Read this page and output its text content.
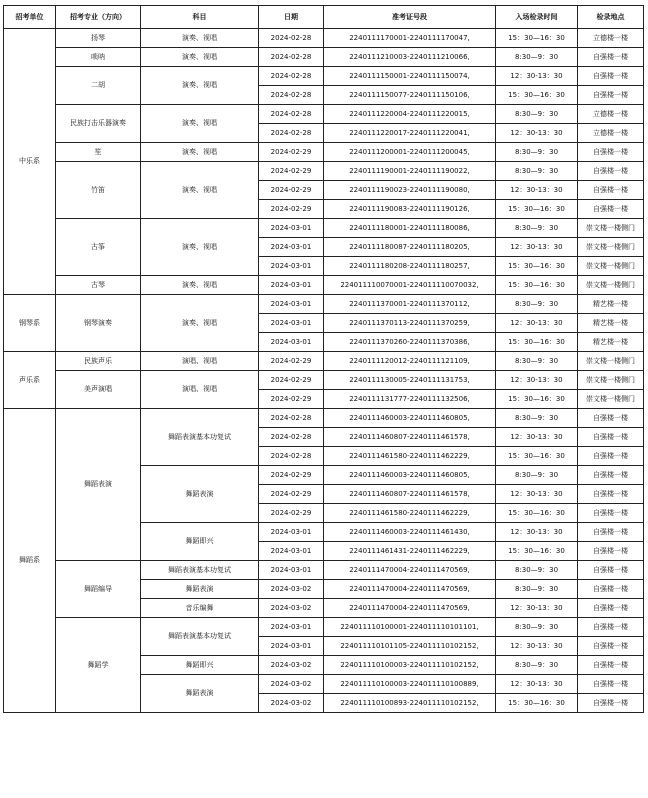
招考单位	招考专业（方向）	科目	日期	准考证号段	入场检录时间	检录地点
中乐系	扬琴	演奏、视唱	2024-02-28	2240111170001-2240111170047,	15：30—16：30	立德楼一楼
	唢呐	演奏、视唱	2024-02-28	2240111210003-2240111210066,	8:30—9：30	自强楼一楼
	二胡	演奏、视唱	2024-02-28	2240111150001-2240111150074,	12：30-13：30	自强楼一楼
			2024-02-28	2240111150077-2240111150106,	15：30—16：30	自强楼一楼
	民族打击乐器演奏	演奏、视唱	2024-02-28	2240111220004-2240111220015,	8:30—9：30	立德楼一楼
			2024-02-28	2240111220017-2240111220041,	12：30-13：30	立德楼一楼
	笙	演奏、视唱	2024-02-29	2240111200001-2240111200045,	8:30—9：30	自强楼一楼
	竹笛	演奏、视唱	2024-02-29	2240111190001-2240111190022,	8:30—9：30	自强楼一楼
			2024-02-29	2240111190023-2240111190080,	12：30-13：30	自强楼一楼
			2024-02-29	2240111190083-2240111190126,	15：30—16：30	自强楼一楼
	古筝	演奏、视唱	2024-03-01	2240111180001-2240111180086,	8:30—9：30	崇文楼一楼侧门
			2024-03-01	2240111180087-2240111180205,	12：30-13：30	崇文楼一楼侧门
			2024-03-01	2240111180208-2240111180257,	15：30—16：30	崇文楼一楼侧门
	古琴	演奏、视唱	2024-03-01	224011110070001-224011110070032,	15：30—16：30	崇文楼一楼侧门
钢琴系	钢琴演奏	演奏、视唱	2024-03-01	2240111370001-2240111370112,	8:30—9：30	精艺楼一楼
			2024-03-01	2240111370113-2240111370259,	12：30-13：30	精艺楼一楼
			2024-03-01	2240111370260-2240111370386,	15：30—16：30	精艺楼一楼
声乐系	民族声乐	演唱、视唱	2024-02-29	2240111120012-2240111121109,	8:30—9：30	崇文楼一楼侧门
	美声演唱	演唱、视唱	2024-02-29	2240111130005-2240111131753,	12：30-13：30	崇文楼一楼侧门
			2024-02-29	2240111131777-2240111132506,	15：30—16：30	崇文楼一楼侧门
舞蹈系	舞蹈表演	舞蹈表演基本功复试	2024-02-28	2240111460003-2240111460805,	8:30—9：30	自强楼一楼
			2024-02-28	2240111460807-2240111461578,	12：30-13：30	自强楼一楼
			2024-02-28	2240111461580-2240111462229,	15：30—16：30	自强楼一楼
		舞蹈表演	2024-02-29	2240111460003-2240111460805,	8:30—9：30	自强楼一楼
			2024-02-29	2240111460807-2240111461578,	12：30-13：30	自强楼一楼
			2024-02-29	2240111461580-2240111462229,	15：30—16：30	自强楼一楼
		舞蹈即兴	2024-03-01	2240111460003-2240111461430,	12：30-13：30	自强楼一楼
			2024-03-01	2240111461431-2240111462229,	15：30—16：30	自强楼一楼
	舞蹈编导	舞蹈表演基本功复试	2024-03-01	2240111470004-2240111470569,	8:30—9：30	自强楼一楼
		舞蹈表演	2024-03-02	2240111470004-2240111470569,	8:30—9：30	自强楼一楼
		音乐编舞	2024-03-02	2240111470004-2240111470569,	12：30-13：30	自强楼一楼
	舞蹈学	舞蹈表演基本功复试	2024-03-01	224011110100001-224011110101101,	8:30—9：30	自强楼一楼
			2024-03-01	224011110101105-224011110102152,	12：30-13：30	自强楼一楼
		舞蹈即兴	2024-03-02	224011110100003-224011110102152,	8:30—9：30	自强楼一楼
		舞蹈表演	2024-03-02	224011110100003-224011110100889,	12：30-13：30	自强楼一楼
			2024-03-02	224011110100893-224011110102152,	15：30—16：30	自强楼一楼
